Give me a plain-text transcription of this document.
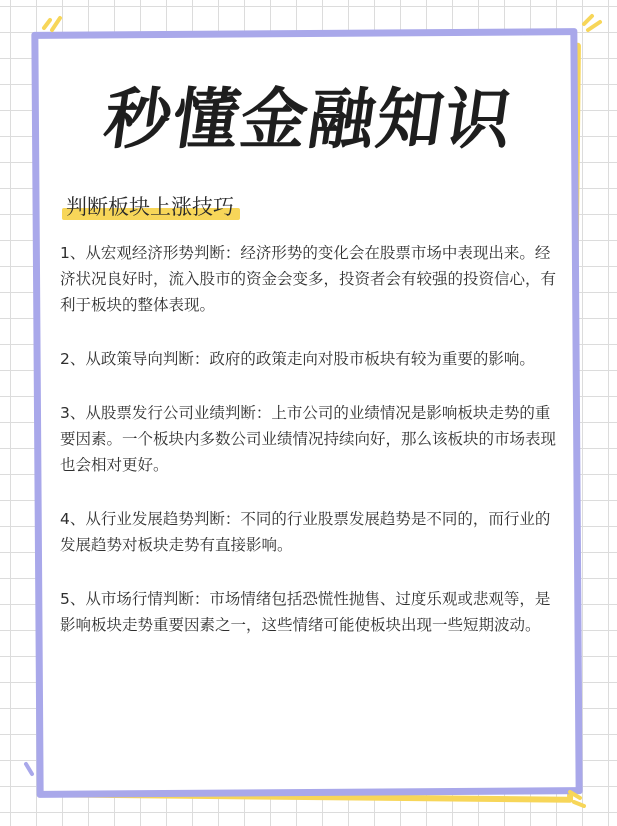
秒懂金融知识
判断板块上涨技巧

1、从宏观经济形势判断：经济形势的变化会在股票市场中表现出来。经济状况良好时，流入股市的资金会变多，投资者会有较强的投资信心，有利于板块的整体表现。

2、从政策导向判断：政府的政策走向对股市板块有较为重要的影响。

3、从股票发行公司业绩判断：上市公司的业绩情况是影响板块走势的重要因素。一个板块内多数公司业绩情况持续向好，那么该板块的市场表现也会相对更好。

4、从行业发展趋势判断：不同的行业股票发展趋势是不同的，而行业的发展趋势对板块走势有直接影响。

5、从市场行情判断：市场情绪包括恐慌性抛售、过度乐观或悲观等，是影响板块走势重要因素之一，这些情绪可能使板块出现一些短期波动。
